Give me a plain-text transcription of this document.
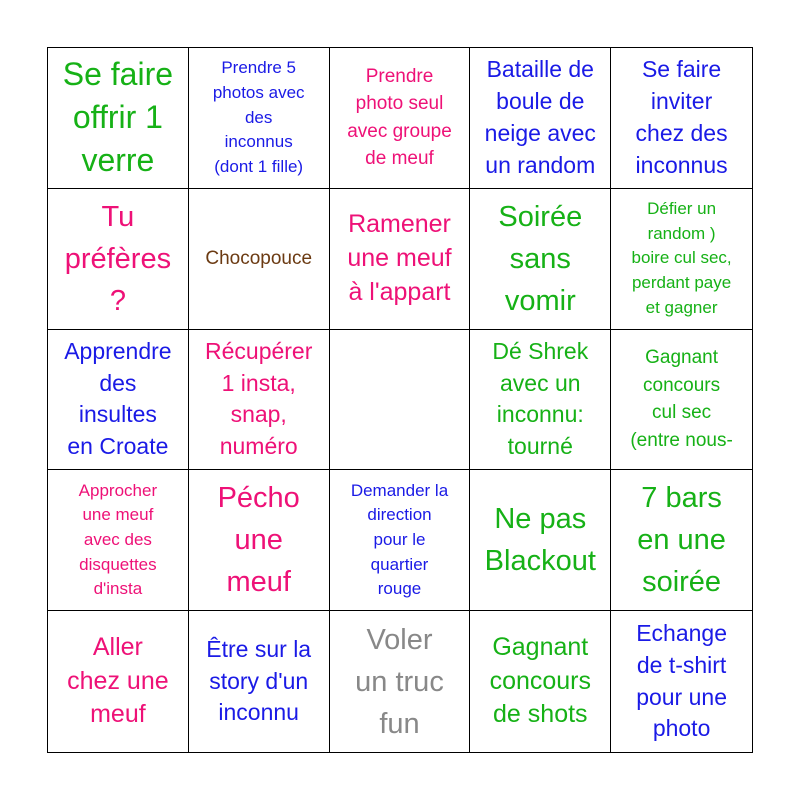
Se faire
offrir 1
verre
Prendre 5
photos avec
des
inconnus
(dont 1 fille)
Prendre
photo seul
avec groupe
de meuf
Bataille de
boule de
neige avec
un random
Se faire
inviter
chez des
inconnus
Tu
préfères
?
Chocopouce
Ramener
une meuf
à l'appart
Soirée
sans
vomir
Défier un
random )
boire cul sec,
perdant paye
et gagner
Apprendre
des
insultes
en Croate
Récupérer
1 insta,
snap,
numéro
Dé Shrek
avec un
inconnu:
tourné
Gagnant
concours
cul sec
(entre nous-
Approcher
une meuf
avec des
disquettes
d'insta
Pécho
une
meuf
Demander la
direction
pour le
quartier
rouge
Ne pas
Blackout
7 bars
en une
soirée
Aller
chez une
meuf
Être sur la
story d'un
inconnu
Voler
un truc
fun
Gagnant
concours
de shots
Echange
de t-shirt
pour une
photo
